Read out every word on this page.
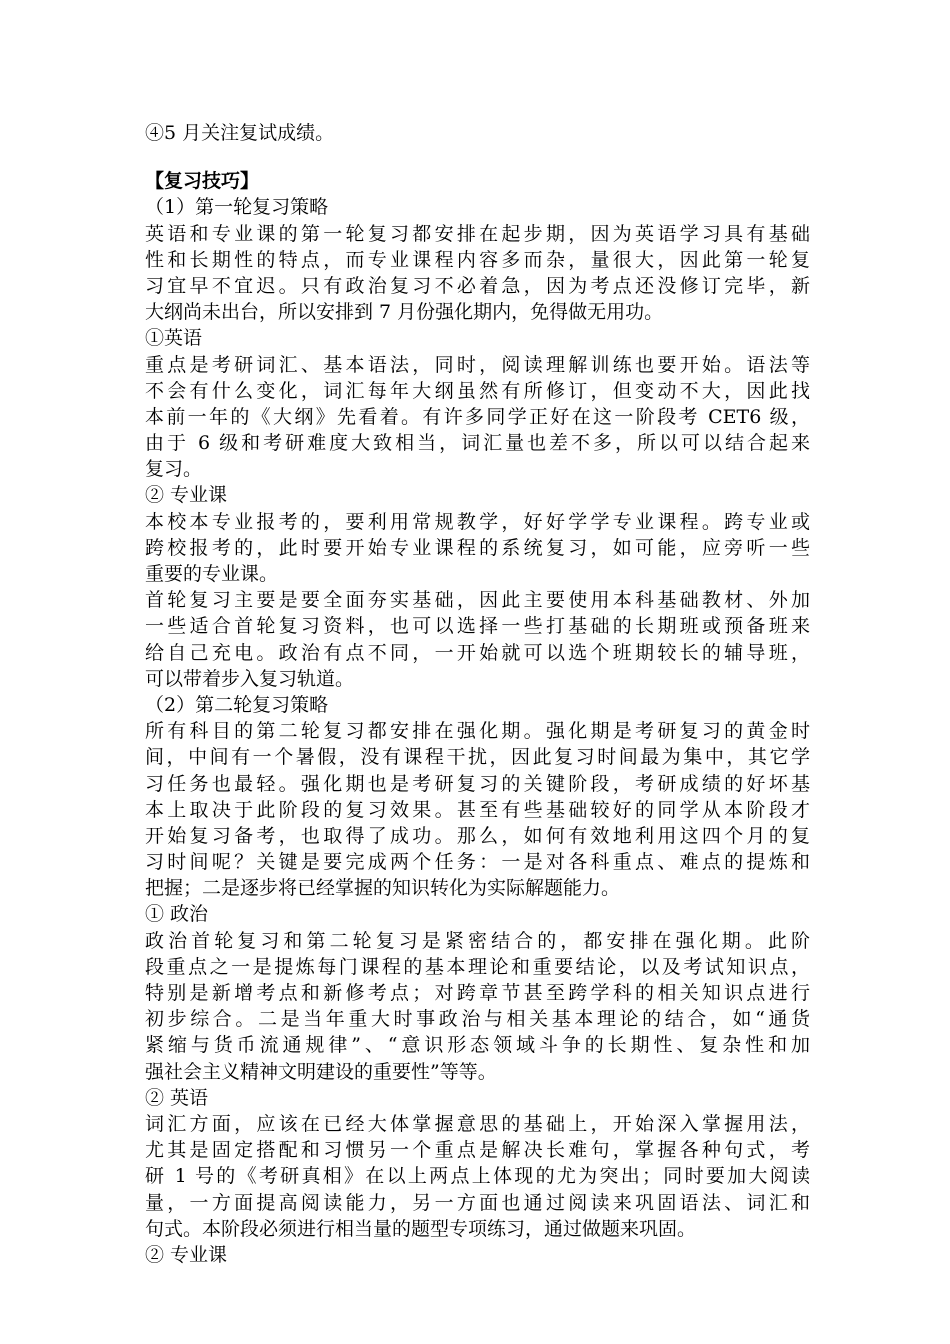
④5 月关注复试成绩。
【复习技巧】
（1）第一轮复习策略
英语和专业课的第一轮复习都安排在起步期，因为英语学习具有基础
性和长期性的特点，而专业课程内容多而杂，量很大，因此第一轮复
习宜早不宜迟。只有政治复习不必着急，因为考点还没修订完毕，新
大纲尚未出台，所以安排到 7 月份强化期内，免得做无用功。
①英语
重点是考研词汇、基本语法，同时，阅读理解训练也要开始。语法等
不会有什么变化，词汇每年大纲虽然有所修订，但变动不大，因此找
本前一年的《大纲》先看着。有许多同学正好在这一阶段考 CET6 级，
由于 6 级和考研难度大致相当，词汇量也差不多，所以可以结合起来
复习。
② 专业课
本校本专业报考的，要利用常规教学，好好学学专业课程。跨专业或
跨校报考的，此时要开始专业课程的系统复习，如可能，应旁听一些
重要的专业课。
首轮复习主要是要全面夯实基础，因此主要使用本科基础教材、外加
一些适合首轮复习资料，也可以选择一些打基础的长期班或预备班来
给自己充电。政治有点不同，一开始就可以选个班期较长的辅导班，
可以带着步入复习轨道。
（2）第二轮复习策略
所有科目的第二轮复习都安排在强化期。强化期是考研复习的黄金时
间，中间有一个暑假，没有课程干扰，因此复习时间最为集中，其它学
习任务也最轻。强化期也是考研复习的关键阶段，考研成绩的好坏基
本上取决于此阶段的复习效果。甚至有些基础较好的同学从本阶段才
开始复习备考，也取得了成功。那么，如何有效地利用这四个月的复
习时间呢？关键是要完成两个任务：一是对各科重点、难点的提炼和
把握；二是逐步将已经掌握的知识转化为实际解题能力。
① 政治
政治首轮复习和第二轮复习是紧密结合的，都安排在强化期。此阶
段重点之一是提炼每门课程的基本理论和重要结论，以及考试知识点，
特别是新增考点和新修考点；对跨章节甚至跨学科的相关知识点进行
初步综合。二是当年重大时事政治与相关基本理论的结合，如“通货
紧缩与货币流通规律”、“意识形态领域斗争的长期性、复杂性和加
强社会主义精神文明建设的重要性”等等。
② 英语
词汇方面，应该在已经大体掌握意思的基础上，开始深入掌握用法，
尤其是固定搭配和习惯另一个重点是解决长难句，掌握各种句式，考
研 1 号的《考研真相》在以上两点上体现的尤为突出；同时要加大阅读
量，一方面提高阅读能力，另一方面也通过阅读来巩固语法、词汇和
句式。本阶段必须进行相当量的题型专项练习，通过做题来巩固。
② 专业课
